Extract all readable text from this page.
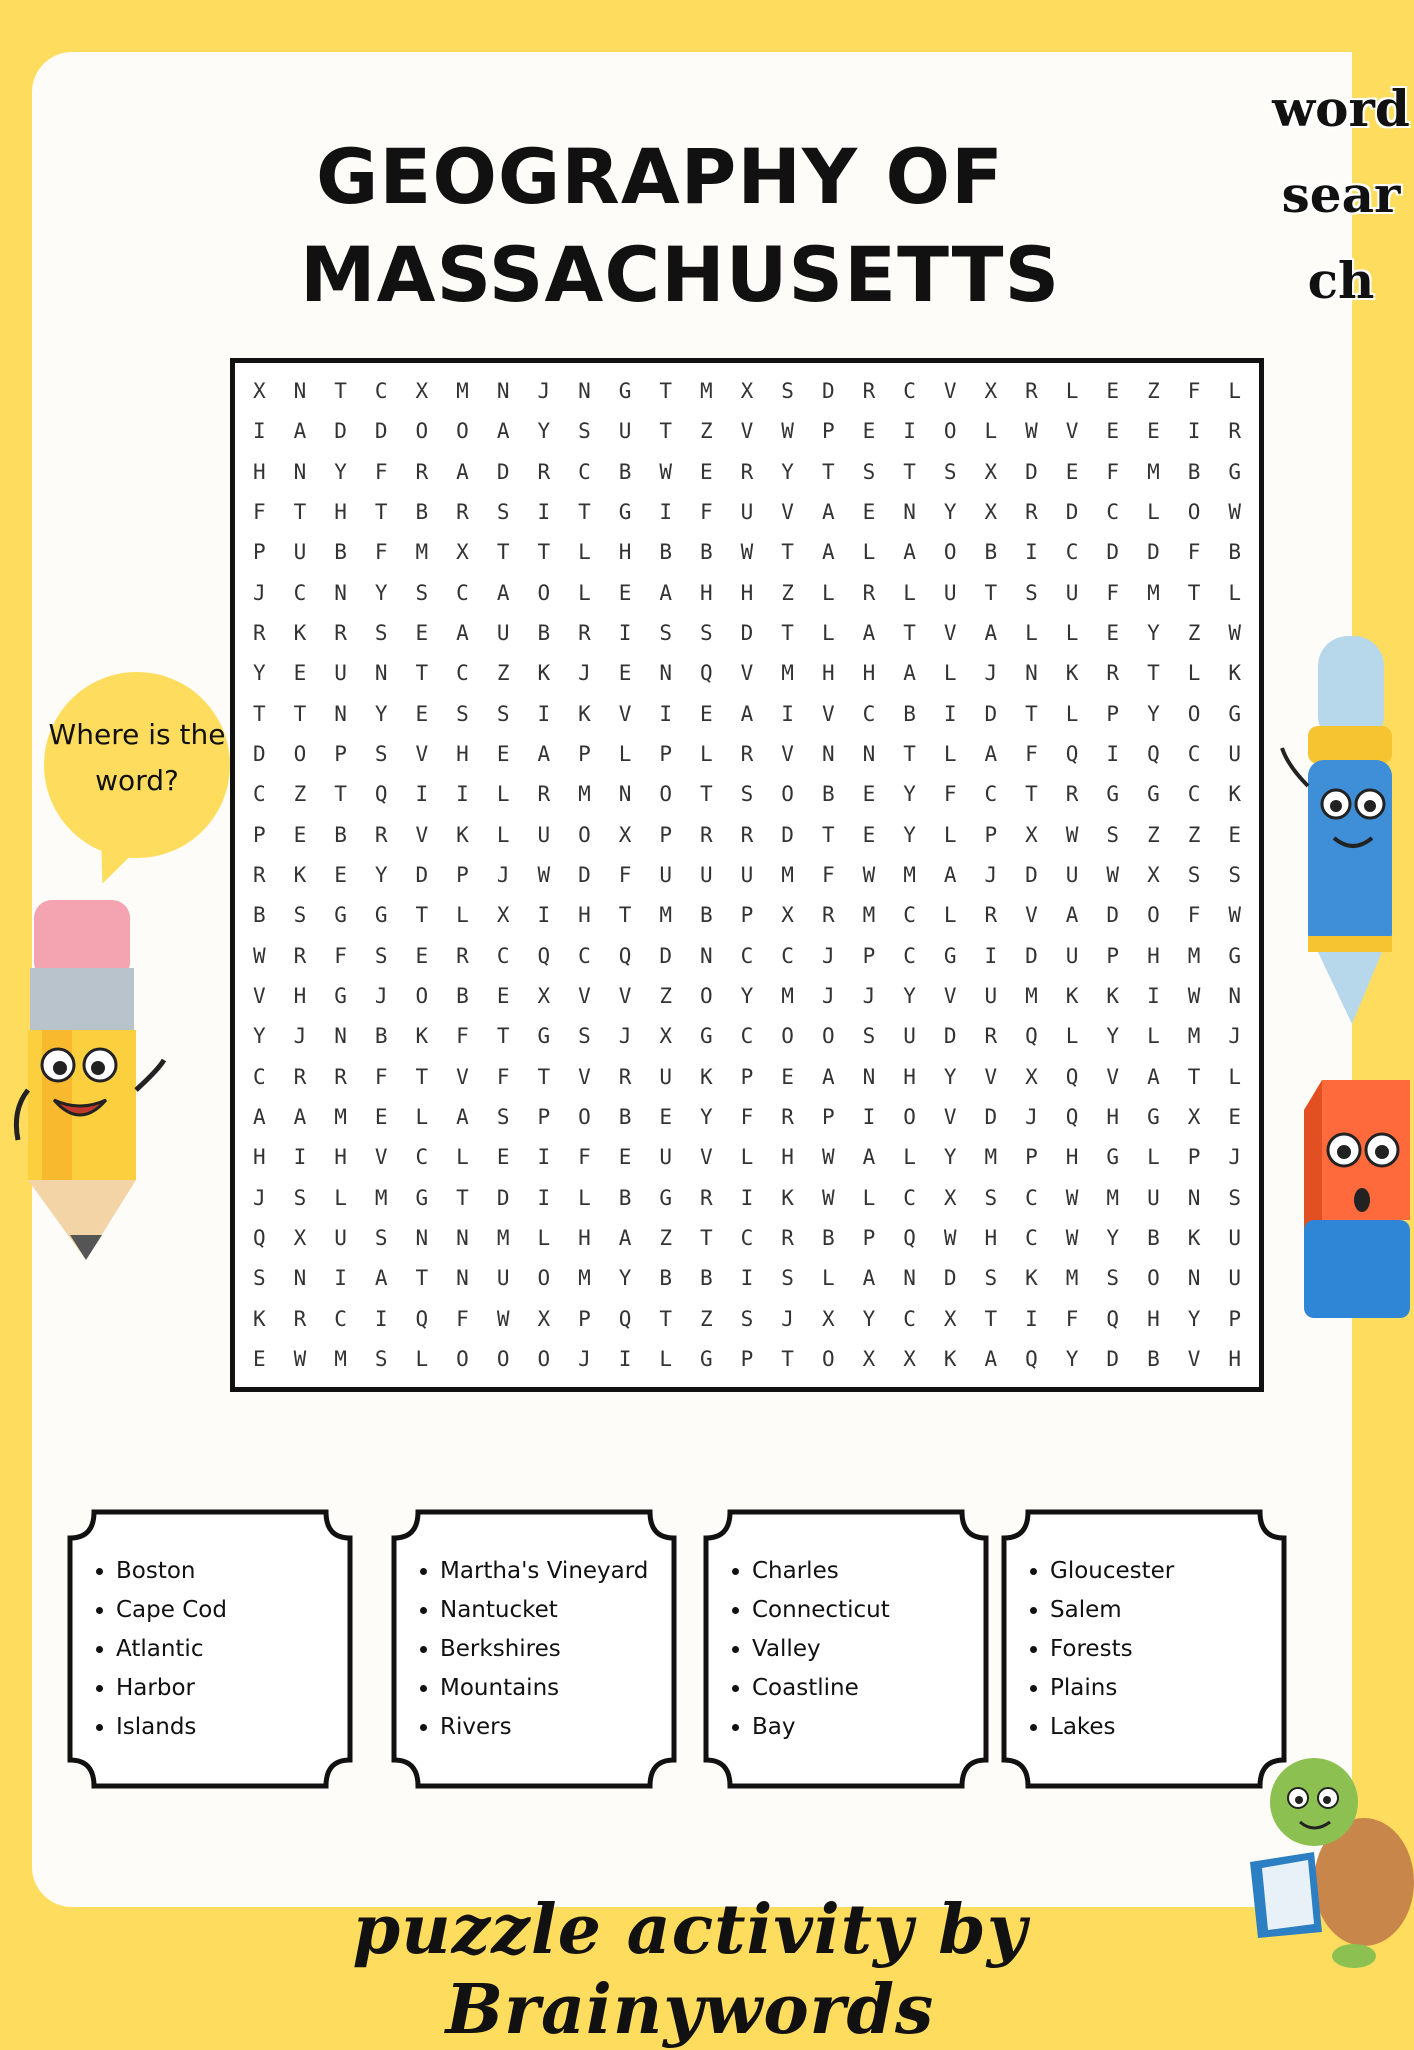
GEOGRAPHY OF MASSACHUSETTS
word search
Where is the word?
X	N	T	C	X	M	N	J	N	G	T	M	X	S	D	R	C	V	X	R	L	E	Z	F	L
I	A	D	D	O	O	A	Y	S	U	T	Z	V	W	P	E	I	O	L	W	V	E	E	I	R
H	N	Y	F	R	A	D	R	C	B	W	E	R	Y	T	S	T	S	X	D	E	F	M	B	G
F	T	H	T	B	R	S	I	T	G	I	F	U	V	A	E	N	Y	X	R	D	C	L	O	W
P	U	B	F	M	X	T	T	L	H	B	B	W	T	A	L	A	O	B	I	C	D	D	F	B
J	C	N	Y	S	C	A	O	L	E	A	H	H	Z	L	R	L	U	T	S	U	F	M	T	L
R	K	R	S	E	A	U	B	R	I	S	S	D	T	L	A	T	V	A	L	L	E	Y	Z	W
Y	E	U	N	T	C	Z	K	J	E	N	Q	V	M	H	H	A	L	J	N	K	R	T	L	K
T	T	N	Y	E	S	S	I	K	V	I	E	A	I	V	C	B	I	D	T	L	P	Y	O	G
D	O	P	S	V	H	E	A	P	L	P	L	R	V	N	N	T	L	A	F	Q	I	Q	C	U
C	Z	T	Q	I	I	L	R	M	N	O	T	S	O	B	E	Y	F	C	T	R	G	G	C	K
P	E	B	R	V	K	L	U	O	X	P	R	R	D	T	E	Y	L	P	X	W	S	Z	Z	E
R	K	E	Y	D	P	J	W	D	F	U	U	U	M	F	W	M	A	J	D	U	W	X	S	S
B	S	G	G	T	L	X	I	H	T	M	B	P	X	R	M	C	L	R	V	A	D	O	F	W
W	R	F	S	E	R	C	Q	C	Q	D	N	C	C	J	P	C	G	I	D	U	P	H	M	G
V	H	G	J	O	B	E	X	V	V	Z	O	Y	M	J	J	Y	V	U	M	K	K	I	W	N
Y	J	N	B	K	F	T	G	S	J	X	G	C	O	O	S	U	D	R	Q	L	Y	L	M	J
C	R	R	F	T	V	F	T	V	R	U	K	P	E	A	N	H	Y	V	X	Q	V	A	T	L
A	A	M	E	L	A	S	P	O	B	E	Y	F	R	P	I	O	V	D	J	Q	H	G	X	E
H	I	H	V	C	L	E	I	F	E	U	V	L	H	W	A	L	Y	M	P	H	G	L	P	J
J	S	L	M	G	T	D	I	L	B	G	R	I	K	W	L	C	X	S	C	W	M	U	N	S
Q	X	U	S	N	N	M	L	H	A	Z	T	C	R	B	P	Q	W	H	C	W	Y	B	K	U
S	N	I	A	T	N	U	O	M	Y	B	B	I	S	L	A	N	D	S	K	M	S	O	N	U
K	R	C	I	Q	F	W	X	P	Q	T	Z	S	J	X	Y	C	X	T	I	F	Q	H	Y	P
E	W	M	S	L	O	O	O	J	I	L	G	P	T	O	X	X	K	A	Q	Y	D	B	V	H
• Boston
• Cape Cod
• Atlantic
• Harbor
• Islands
• Martha's Vineyard
• Nantucket
• Berkshires
• Mountains
• Rivers
• Charles
• Connecticut
• Valley
• Coastline
• Bay
• Gloucester
• Salem
• Forests
• Plains
• Lakes
puzzle activity by Brainywords
